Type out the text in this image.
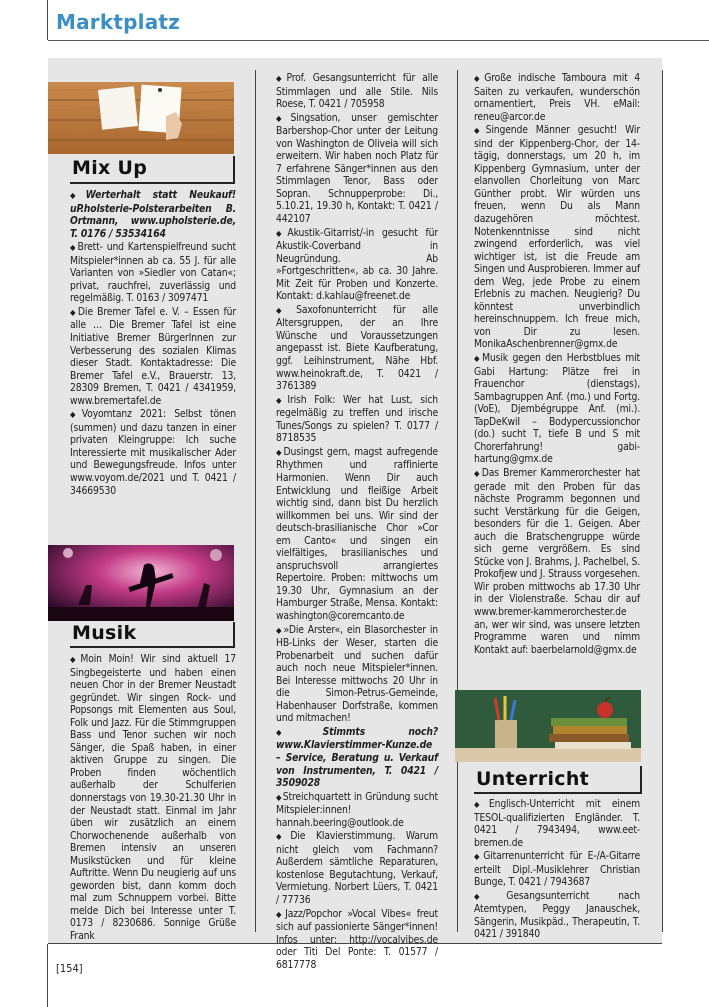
Marktplatz
Mix Up

◆Werterhalt statt Neukauf! uP.holsterie-Polsterarbeiten B. Ortmann, www.upholsterie.de, T. 0176 / 53534164

◆Brett- und Kartenspielfreund sucht Mitspieler*innen ab ca. 55 J. für alle Varianten von »Siedler von Catan«; privat, rauchfrei, zuverlässig und regelmäßig. T. 0163 / 3097471

◆Die Bremer Tafel e. V. – Essen für alle … Die Bremer Tafel ist eine Initiative Bremer BürgerInnen zur Verbesserung des sozialen Klimas dieser Stadt. Kontaktadresse: Die Bremer Tafel e.V., Brauerstr. 13, 28309 Bremen, T. 0421 / 4341959, www.bremertafel.de

◆Voyomtanz 2021: Selbst tönen (summen) und dazu tanzen in einer privaten Kleingruppe: Ich suche Interessierte mit musikalischer Ader und Bewegungsfreude. Infos unter www.voyom.de/2021 und T. 0421 / 34669530

Musik

◆Moin Moin! Wir sind aktuell 17 Singbegeisterte und haben einen neuen Chor in der Bremer Neustadt gegründet. Wir singen Rock- und Popsongs mit Elementen aus Soul, Folk und Jazz. Für die Stimmgruppen Bass und Tenor suchen wir noch Sänger, die Spaß haben, in einer aktiven Gruppe zu singen. Die Proben finden wöchentlich außerhalb der Schulferien donnerstags von 19.30-21.30 Uhr in der Neustadt statt. Einmal im Jahr üben wir zusätzlich an einem Chorwochenende außerhalb von Bremen intensiv an unseren Musikstücken und für kleine Auftritte. Wenn Du neugierig auf uns geworden bist, dann komm doch mal zum Schnuppern vorbei. Bitte melde Dich bei Interesse unter T. 0173 / 8230686. Sonnige Grüße Frank

◆Prof. Gesangsunterricht für alle Stimmlagen und alle Stile. Nils Roese, T. 0421 / 705958

◆Singsation, unser gemischter Barbershop-Chor unter der Leitung von Washington de Oliveia will sich erweitern. Wir haben noch Platz für 7 erfahrene Sänger*innen aus den Stimmlagen Tenor, Bass oder Sopran. Schnupperprobe: Di., 5.10.21, 19.30 h, Kontakt: T. 0421 / 442107

◆Akustik-Gitarrist/-in gesucht für Akustik-Coverband in Neugründung. Ab »Fortgeschritten«, ab ca. 30 Jahre. Mit Zeit für Proben und Konzerte. Kontakt: d.kahlau@freenet.de

◆Saxofonunterricht für alle Altersgruppen, der an Ihre Wünsche und Voraussetzungen angepasst ist. Biete Kaufberatung, ggf. Leihinstrument, Nähe Hbf. www.heinokraft.de, T. 0421 / 3761389

◆Irish Folk: Wer hat Lust, sich regelmäßig zu treffen und irische Tunes/Songs zu spielen? T. 0177 / 8718535

◆Dusingst gern, magst aufregende Rhythmen und raffinierte Harmonien. Wenn Dir auch Entwicklung und fleißige Arbeit wichtig sind, dann bist Du herzlich willkommen bei uns. Wir sind der deutsch-brasilianische Chor »Cor em Canto« und singen ein vielfältiges, brasilianisches und anspruchsvoll arrangiertes Repertoire. Proben: mittwochs um 19.30 Uhr, Gymnasium an der Hamburger Straße, Mensa. Kontakt: washington@coremcanto.de

◆»Die Arster«, ein Blasorchester in HB-Links der Weser, starten die Probenarbeit und suchen dafür auch noch neue Mitspieler*innen. Bei Interesse mittwochs 20 Uhr in die Simon-Petrus-Gemeinde, Habenhauser Dorfstraße, kommen und mitmachen!

◆Stimmts noch? www.Klavierstimmer-Kunze.de – Service, Beratung u. Verkauf von Instrumenten, T. 0421 / 3509028

◆Streichquartett in Gründung sucht Mitspieler:innen! hannah.beering@outlook.de

◆Die Klavierstimmung. Warum nicht gleich vom Fachmann? Außerdem sämtliche Reparaturen, kostenlose Begutachtung, Verkauf, Vermietung. Norbert Lüers, T. 0421 / 77736

◆Jazz/Popchor »Vocal Vibes« freut sich auf passionierte Sänger*innen! Infos unter: http://vocalvibes.de oder Titi Del Ponte: T. 01577 / 6817778

◆Große indische Tamboura mit 4 Saiten zu verkaufen, wunderschön ornamentiert, Preis VH. eMail: reneu@arcor.de

◆Singende Männer gesucht! Wir sind der Kippenberg-Chor, der 14-tägig, donnerstags, um 20 h, im Kippenberg Gymnasium, unter der elanvollen Chorleitung von Marc Günther probt. Wir würden uns freuen, wenn Du als Mann dazugehören möchtest. Notenkenntnisse sind nicht zwingend erforderlich, was viel wichtiger ist, ist die Freude am Singen und Ausprobieren. Immer auf dem Weg, jede Probe zu einem Erlebnis zu machen. Neugierig? Du könntest unverbindlich hereinschnuppern. Ich freue mich, von Dir zu lesen. MonikaAschenbrenner@gmx.de

◆Musik gegen den Herbstblues mit Gabi Hartung: Plätze frei in Frauenchor (dienstags), Sambagruppen Anf. (mo.) und Fortg. (VoE), Djembégruppe Anf. (mi.). TapDeKwiI – Bodypercussionchor (do.) sucht T, tiefe B und S mit Chorerfahrung! gabi-hartung@gmx.de

◆Das Bremer Kammerorchester hat gerade mit den Proben für das nächste Programm begonnen und sucht Verstärkung für die Geigen, besonders für die 1. Geigen. Aber auch die Bratschengruppe würde sich gerne vergrößern. Es sind Stücke von J. Brahms, J. Pachelbel, S. Prokofjew und J. Strauss vorgesehen. Wir proben mittwochs ab 17.30 Uhr in der Violenstraße. Schau dir auf www.bremer-kammerorchester.de an, wer wir sind, was unsere letzten Programme waren und nimm Kontakt auf: baerbelarnold@gmx.de

Unterricht

◆Englisch-Unterricht mit einem TESOL-qualifizierten Engländer. T. 0421 / 7943494, www.eet-bremen.de

◆Gitarrenunterricht für E-/A-Gitarre erteilt Dipl.-Musiklehrer Christian Bunge, T. 0421 / 7943687

◆Gesangsunterricht nach Atemtypen, Peggy Janauschek, Sängerin, Musikpäd., Therapeutin, T. 0421 / 391840

[154]
